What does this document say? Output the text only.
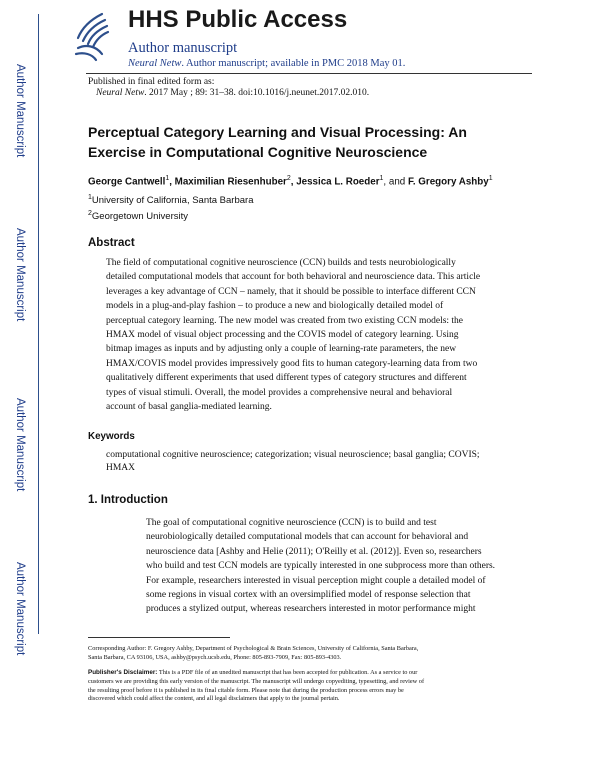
Author Manuscript
Author Manuscript
Author Manuscript
Author Manuscript
HHS Public Access
Author manuscript
Neural Netw. Author manuscript; available in PMC 2018 May 01.
Published in final edited form as:
Neural Netw. 2017 May ; 89: 31–38. doi:10.1016/j.neunet.2017.02.010.
Perceptual Category Learning and Visual Processing: An Exercise in Computational Cognitive Neuroscience
George Cantwell$^1$, Maximilian Riesenhuber$^2$, Jessica L. Roeder$^1$, and F. Gregory Ashby$^1$
$^1$University of California, Santa Barbara
$^2$Georgetown University
Abstract
The field of computational cognitive neuroscience (CCN) builds and tests neurobiologically
detailed computational models that account for both behavioral and neuroscience data. This article
leverages a key advantage of CCN – namely, that it should be possible to interface different CCN
models in a plug-and-play fashion – to produce a new and biologically detailed model of
perceptual category learning. The new model was created from two existing CCN models: the
HMAX model of visual object processing and the COVIS model of category learning. Using
bitmap images as inputs and by adjusting only a couple of learning-rate parameters, the new
HMAX/COVIS model provides impressively good fits to human category-learning data from two
qualitatively different experiments that used different types of category structures and different
types of visual stimuli. Overall, the model provides a comprehensive neural and behavioral
account of basal ganglia-mediated learning.
Keywords
computational cognitive neuroscience; categorization; visual neuroscience; basal ganglia; COVIS;
HMAX
1. Introduction
The goal of computational cognitive neuroscience (CCN) is to build and test
neurobiologically detailed computational models that can account for behavioral and
neuroscience data [Ashby and Helie (2011); O'Reilly et al. (2012)]. Even so, researchers
who build and test CCN models are typically interested in one subprocess more than others.
For example, researchers interested in visual perception might couple a detailed model of
some regions in visual cortex with an oversimplified model of response selection that
produces a stylized output, whereas researchers interested in motor performance might
Corresponding Author: F. Gregory Ashby, Department of Psychological & Brain Sciences, University of California, Santa Barbara,
Santa Barbara, CA 93106, USA, ashby@psych.ucsb.edu, Phone: 805-893-7909, Fax: 805-893-4303.
Publisher's Disclaimer: This is a PDF file of an unedited manuscript that has been accepted for publication. As a service to our
customers we are providing this early version of the manuscript. The manuscript will undergo copyediting, typesetting, and review of
the resulting proof before it is published in its final citable form. Please note that during the production process errors may be
discovered which could affect the content, and all legal disclaimers that apply to the journal pertain.
